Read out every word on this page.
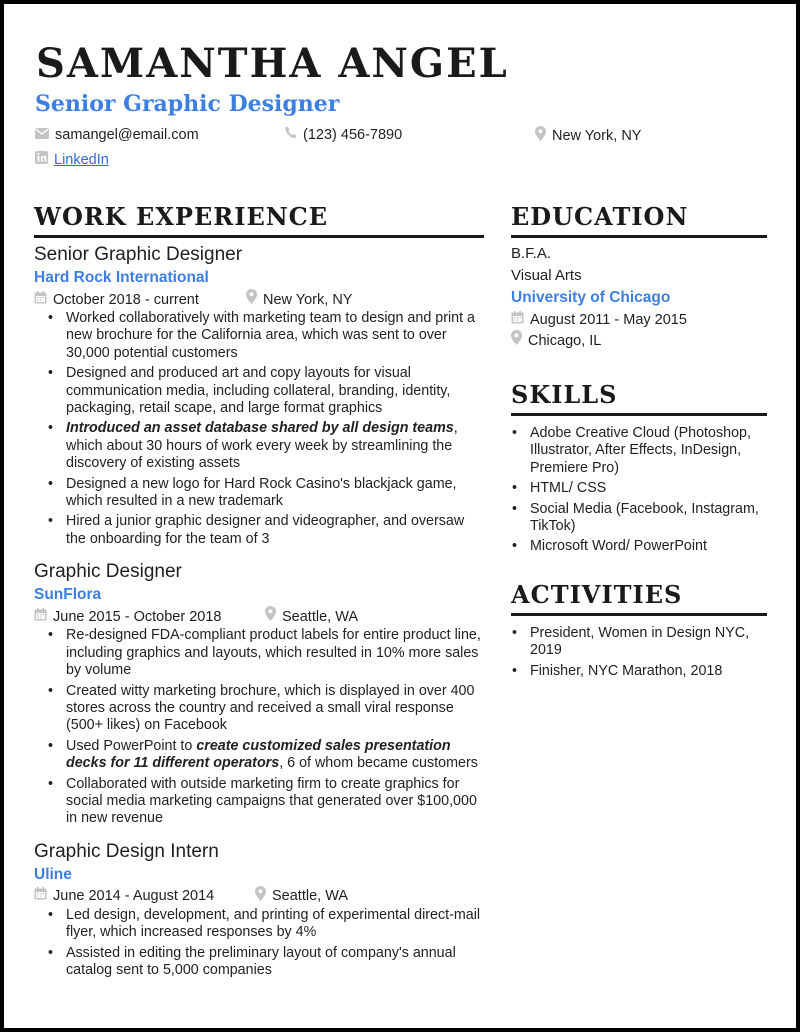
SAMANTHA ANGEL
Senior Graphic Designer
samangel@email.com	(123) 456-7890	New York, NY
LinkedIn
WORK EXPERIENCE	EDUCATION
SKILLS
ACTIVITIES
Senior Graphic Designer
Hard Rock International
October 2018 - current	New York, NY
• Worked collaboratively with marketing team to design and print a new brochure for the California area, which was sent to over 30,000 potential customers
• Designed and produced art and copy layouts for visual communication media, including collateral, branding, identity, packaging, retail scape, and large format graphics
• Introduced an asset database shared by all design teams, which about 30 hours of work every week by streamlining the discovery of existing assets
• Designed a new logo for Hard Rock Casino's blackjack game, which resulted in a new trademark
• Hired a junior graphic designer and videographer, and oversaw the onboarding for the team of 3
Graphic Designer
SunFlora
June 2015 - October 2018	Seattle, WA
• Re-designed FDA-compliant product labels for entire product line, including graphics and layouts, which resulted in 10% more sales by volume
• Created witty marketing brochure, which is displayed in over 400 stores across the country and received a small viral response (500+ likes) on Facebook
• Used PowerPoint to create customized sales presentation decks for 11 different operators, 6 of whom became customers
• Collaborated with outside marketing firm to create graphics for social media marketing campaigns that generated over $100,000 in new revenue
Graphic Design Intern
Uline
June 2014 - August 2014	Seattle, WA
• Led design, development, and printing of experimental direct-mail flyer, which increased responses by 4%
• Assisted in editing the preliminary layout of company's annual catalog sent to 5,000 companies
B.F.A.
Visual Arts
University of Chicago
August 2011 - May 2015
Chicago, IL
• Adobe Creative Cloud (Photoshop, Illustrator, After Effects, InDesign, Premiere Pro)
• HTML/ CSS
• Social Media (Facebook, Instagram, TikTok)
• Microsoft Word/ PowerPoint
• President, Women in Design NYC, 2019
• Finisher, NYC Marathon, 2018
